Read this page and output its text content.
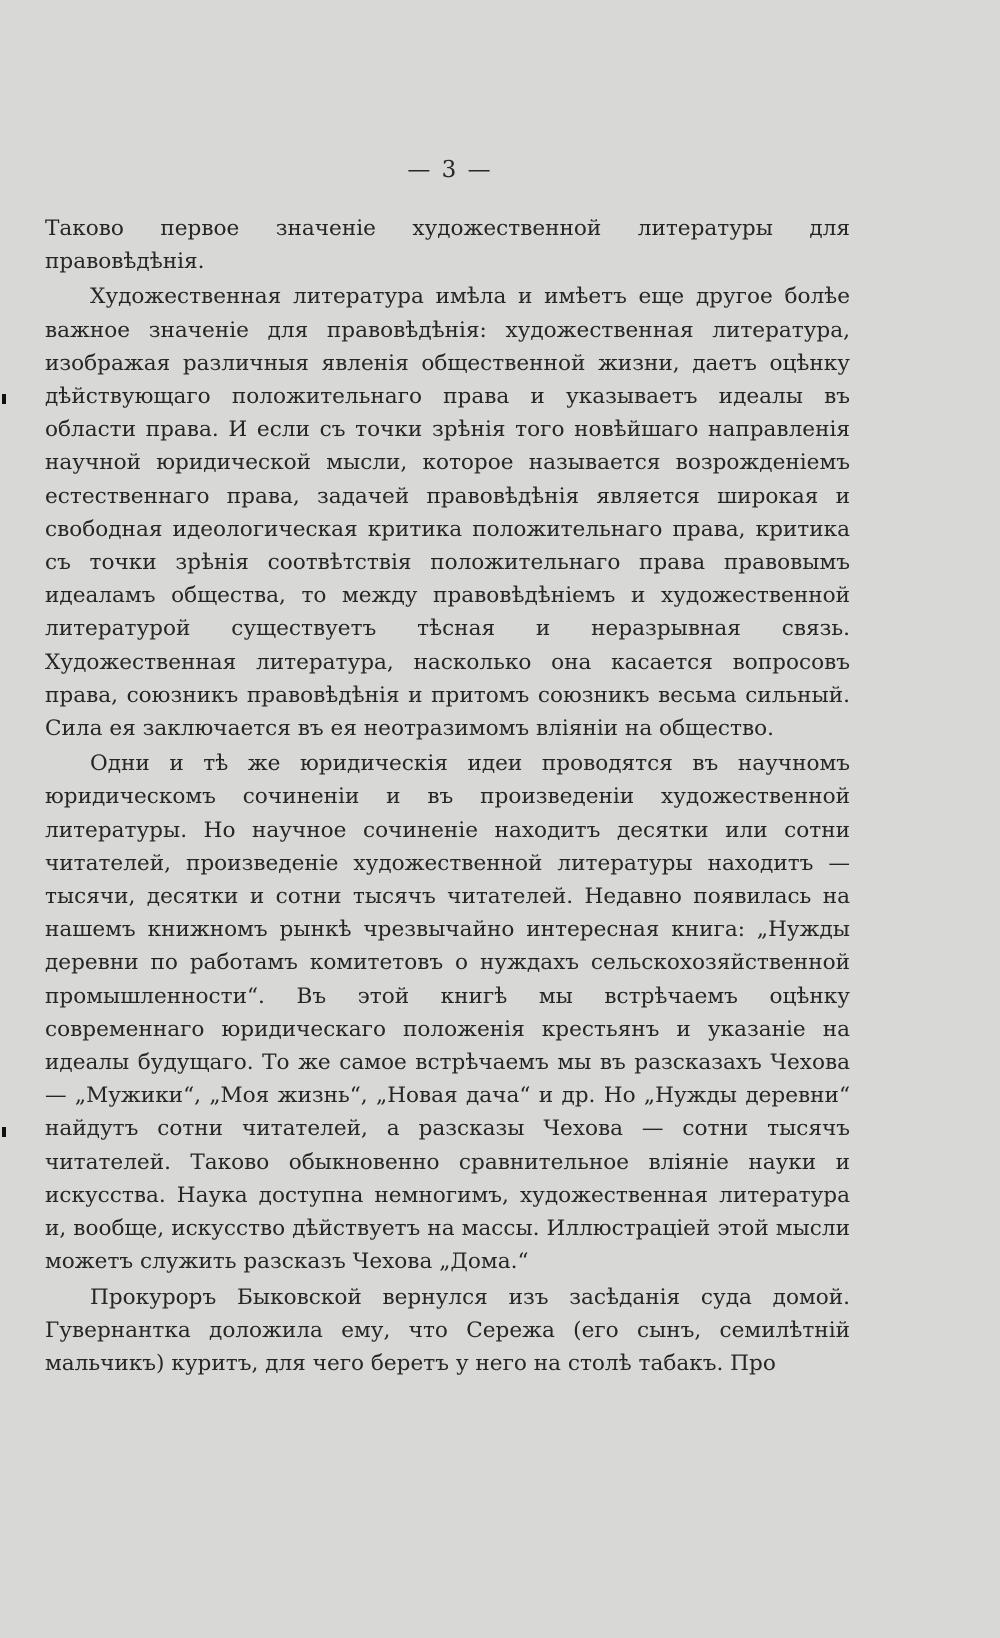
— 3 —

Таково первое значеніе художественной литературы для правовѣдѣнія.

Художественная литература имѣла и имѣетъ еще другое болѣе важное значеніе для правовѣдѣнія: художественная литература, изображая различныя явленія общественной жизни, даетъ оцѣнку дѣйствующаго положительнаго права и указываетъ идеалы въ области права. И если съ точки зрѣнія того новѣйшаго направленія научной юридической мысли, которое называется возрожденіемъ естественнаго права, задачей правовѣдѣнія является широкая и свободная идеологическая критика положительнаго права, критика съ точки зрѣнія соотвѣтствія положительнаго права правовымъ идеаламъ общества, то между правовѣдѣніемъ и художественной литературой существуетъ тѣсная и неразрывная связь. Художественная литература, насколько она касается вопросовъ права, союзникъ правовѣдѣнія и притомъ союзникъ весьма сильный. Сила ея заключается въ ея неотразимомъ вліяніи на общество.

Одни и тѣ же юридическія идеи проводятся въ научномъ юридическомъ сочиненіи и въ произведеніи художественной литературы. Но научное сочиненіе находитъ десятки или сотни читателей, произведеніе художественной литературы находитъ — тысячи, десятки и сотни тысячъ читателей. Недавно появилась на нашемъ книжномъ рынкѣ чрезвычайно интересная книга: „Нужды деревни по работамъ комитетовъ о нуждахъ сельскохозяйственной промышленности“. Въ этой книгѣ мы встрѣчаемъ оцѣнку современнаго юридическаго положенія крестьянъ и указаніе на идеалы будущаго. То же самое встрѣчаемъ мы въ разсказахъ Чехова — „Мужики“, „Моя жизнь“, „Новая дача“ и др. Но „Нужды деревни“ найдутъ сотни читателей, а разсказы Чехова — сотни тысячъ читателей. Таково обыкновенно сравнительное вліяніе науки и искусства. Наука доступна немногимъ, художественная литература и, вообще, искусство дѣйствуетъ на массы. Иллюстраціей этой мысли можетъ служить разсказъ Чехова „Дома.“

Прокуроръ Быковской вернулся изъ засѣданія суда домой. Гувернантка доложила ему, что Сережа (его сынъ, семилѣтній мальчикъ) куритъ, для чего беретъ у него на столѣ табакъ. Про
